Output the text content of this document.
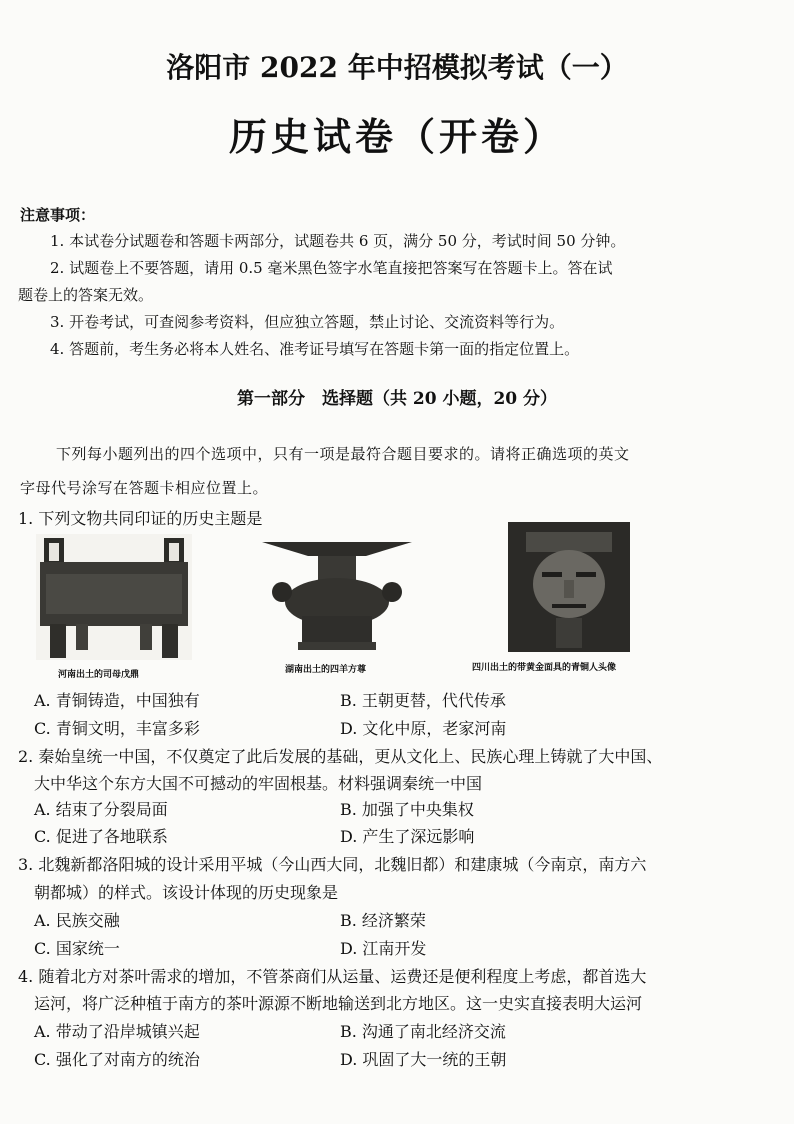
洛阳市 2022 年中招模拟考试（一）
历史试卷（开卷）
注意事项：
1. 本试卷分试题卷和答题卡两部分，试题卷共 6 页，满分 50 分，考试时间 50 分钟。
2. 试题卷上不要答题，请用 0.5 毫米黑色签字水笔直接把答案写在答题卡上。答在试
题卷上的答案无效。
3. 开卷考试，可查阅参考资料，但应独立答题，禁止讨论、交流资料等行为。
4. 答题前，考生务必将本人姓名、准考证号填写在答题卡第一面的指定位置上。
第一部分　选择题（共 20 小题，20 分）
下列每小题列出的四个选项中，只有一项是最符合题目要求的。请将正确选项的英文
字母代号涂写在答题卡相应位置上。
1. 下列文物共同印证的历史主题是
河南出土的司母戊鼎	湖南出土的四羊方尊	四川出土的带黄金面具的青铜人头像
A. 青铜铸造，中国独有	B. 王朝更替，代代传承
C. 青铜文明，丰富多彩	D. 文化中原，老家河南
2. 秦始皇统一中国，不仅奠定了此后发展的基础，更从文化上、民族心理上铸就了大中国、
大中华这个东方大国不可撼动的牢固根基。材料强调秦统一中国
A. 结束了分裂局面	B. 加强了中央集权
C. 促进了各地联系	D. 产生了深远影响
3. 北魏新都洛阳城的设计采用平城（今山西大同，北魏旧都）和建康城（今南京，南方六
朝都城）的样式。该设计体现的历史现象是
A. 民族交融	B. 经济繁荣
C. 国家统一	D. 江南开发
4. 随着北方对茶叶需求的增加，不管茶商们从运量、运费还是便利程度上考虑，都首选大
运河，将广泛种植于南方的茶叶源源不断地输送到北方地区。这一史实直接表明大运河
A. 带动了沿岸城镇兴起	B. 沟通了南北经济交流
C. 强化了对南方的统治	D. 巩固了大一统的王朝
